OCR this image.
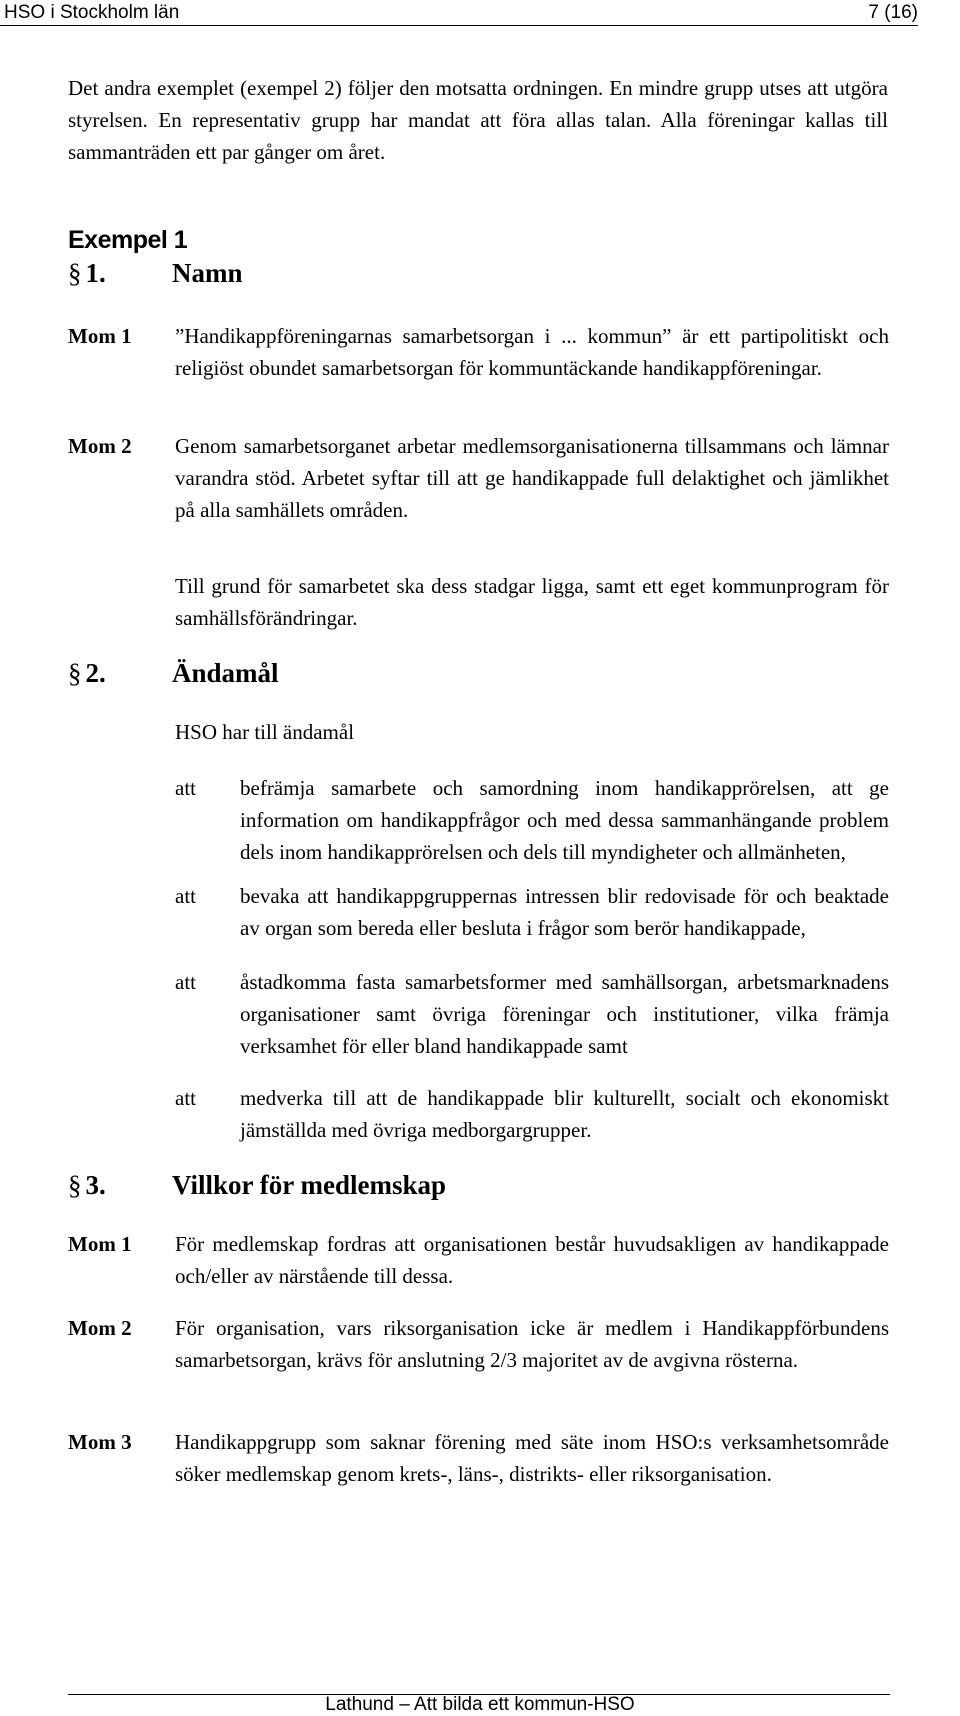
HSO i Stockholm län	7 (16)
Det andra exemplet (exempel 2) följer den motsatta ordningen. En mindre grupp utses att utgöra styrelsen. En representativ grupp har mandat att föra allas talan. Alla föreningar kallas till sammanträden ett par gånger om året.
Exempel 1
§ 1. Namn
Mom 1 ”Handikappföreningarnas samarbetsorgan i ... kommun” är ett partipolitiskt och religiöst obundet samarbetsorgan för kommuntäckande handikappföreningar.
Mom 2 Genom samarbetsorganet arbetar medlemsorganisationerna tillsammans och lämnar varandra stöd. Arbetet syftar till att ge handikappade full delaktighet och jämlikhet på alla samhällets områden.
Till grund för samarbetet ska dess stadgar ligga, samt ett eget kommunprogram för samhällsförändringar.
§ 2. Ändamål
HSO har till ändamål
att befrämja samarbete och samordning inom handikapprörelsen, att ge information om handikappfrågor och med dessa sammanhängande problem dels inom handikapprörelsen och dels till myndigheter och allmänheten,
att bevaka att handikappgruppernas intressen blir redovisade för och beaktade av organ som bereda eller besluta i frågor som berör handikappade,
att åstadkomma fasta samarbetsformer med samhällsorgan, arbetsmarknadens organisationer samt övriga föreningar och institutioner, vilka främja verksamhet för eller bland handikappade samt
att medverka till att de handikappade blir kulturellt, socialt och ekonomiskt jämställda med övriga medborgargrupper.
§ 3. Villkor för medlemskap
Mom 1 För medlemskap fordras att organisationen består huvudsakligen av handikappade och/eller av närstående till dessa.
Mom 2 För organisation, vars riksorganisation icke är medlem i Handikappförbundens samarbetsorgan, krävs för anslutning 2/3 majoritet av de avgivna rösterna.
Mom 3 Handikappgrupp som saknar förening med säte inom HSO:s verksamhetsområde söker medlemskap genom krets-, läns-, distrikts- eller riksorganisation.
Lathund – Att bilda ett kommun-HSO
